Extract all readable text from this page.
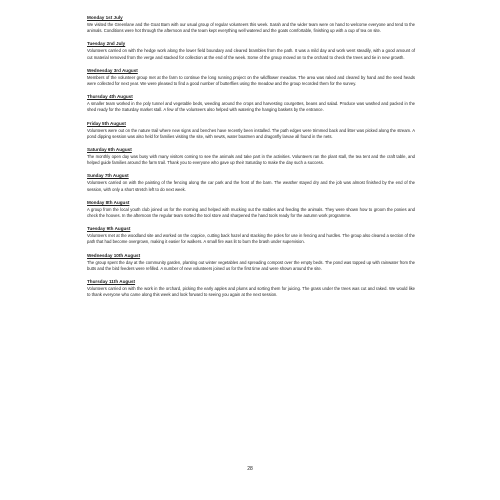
Monday 1st July

We visited the Greenlane and the Goat Barn with our usual group of regular volunteers this week. Sarah and the wider team were on hand to welcome everyone and tend to the animals. Conditions were hot through the afternoon and the team kept everything well watered and the goats comfortable, finishing up with a cup of tea on site.

Tuesday 2nd July

Volunteers carried on with the hedge work along the lower field boundary and cleared brambles from the path. It was a mild day and work went steadily, with a good amount of cut material removed from the verge and stacked for collection at the end of the week. Some of the group moved on to the orchard to check the trees and tie in new growth.

Wednesday 3rd August

Members of the volunteer group met at the farm to continue the long running project on the wildflower meadow. The area was raked and cleared by hand and the seed heads were collected for next year. We were pleased to find a good number of butterflies using the meadow and the group recorded them for the survey.

Thursday 4th August

A smaller team worked in the poly tunnel and vegetable beds, weeding around the crops and harvesting courgettes, beans and salad. Produce was washed and packed in the shed ready for the Saturday market stall. A few of the volunteers also helped with watering the hanging baskets by the entrance.

Friday 5th August

Volunteers were out on the nature trail where new signs and benches have recently been installed. The path edges were trimmed back and litter was picked along the stream. A pond dipping session was also held for families visiting the site, with newts, water boatmen and dragonfly larvae all found in the nets.

Saturday 6th August

The monthly open day was busy with many visitors coming to see the animals and take part in the activities. Volunteers ran the plant stall, the tea tent and the craft table, and helped guide families around the farm trail. Thank you to everyone who gave up their Saturday to make the day such a success.

Sunday 7th August

Volunteers carried on with the painting of the fencing along the car park and the front of the barn. The weather stayed dry and the job was almost finished by the end of the session, with only a short stretch left to do next week.

Monday 8th August

A group from the local youth club joined us for the morning and helped with mucking out the stables and feeding the animals. They were shown how to groom the ponies and check the hooves. In the afternoon the regular team sorted the tool store and sharpened the hand tools ready for the autumn work programme.

Tuesday 9th August

Volunteers met at the woodland site and worked on the coppice, cutting back hazel and stacking the poles for use in fencing and hurdles. The group also cleared a section of the path that had become overgrown, making it easier for walkers. A small fire was lit to burn the brash under supervision.

Wednesday 10th August

The group spent the day at the community garden, planting out winter vegetables and spreading compost over the empty beds. The pond was topped up with rainwater from the butts and the bird feeders were refilled. A number of new volunteers joined us for the first time and were shown around the site.

Thursday 11th August

Volunteers carried on with the work in the orchard, picking the early apples and plums and sorting them for juicing. The grass under the trees was cut and raked. We would like to thank everyone who came along this week and look forward to seeing you again at the next session.

28
